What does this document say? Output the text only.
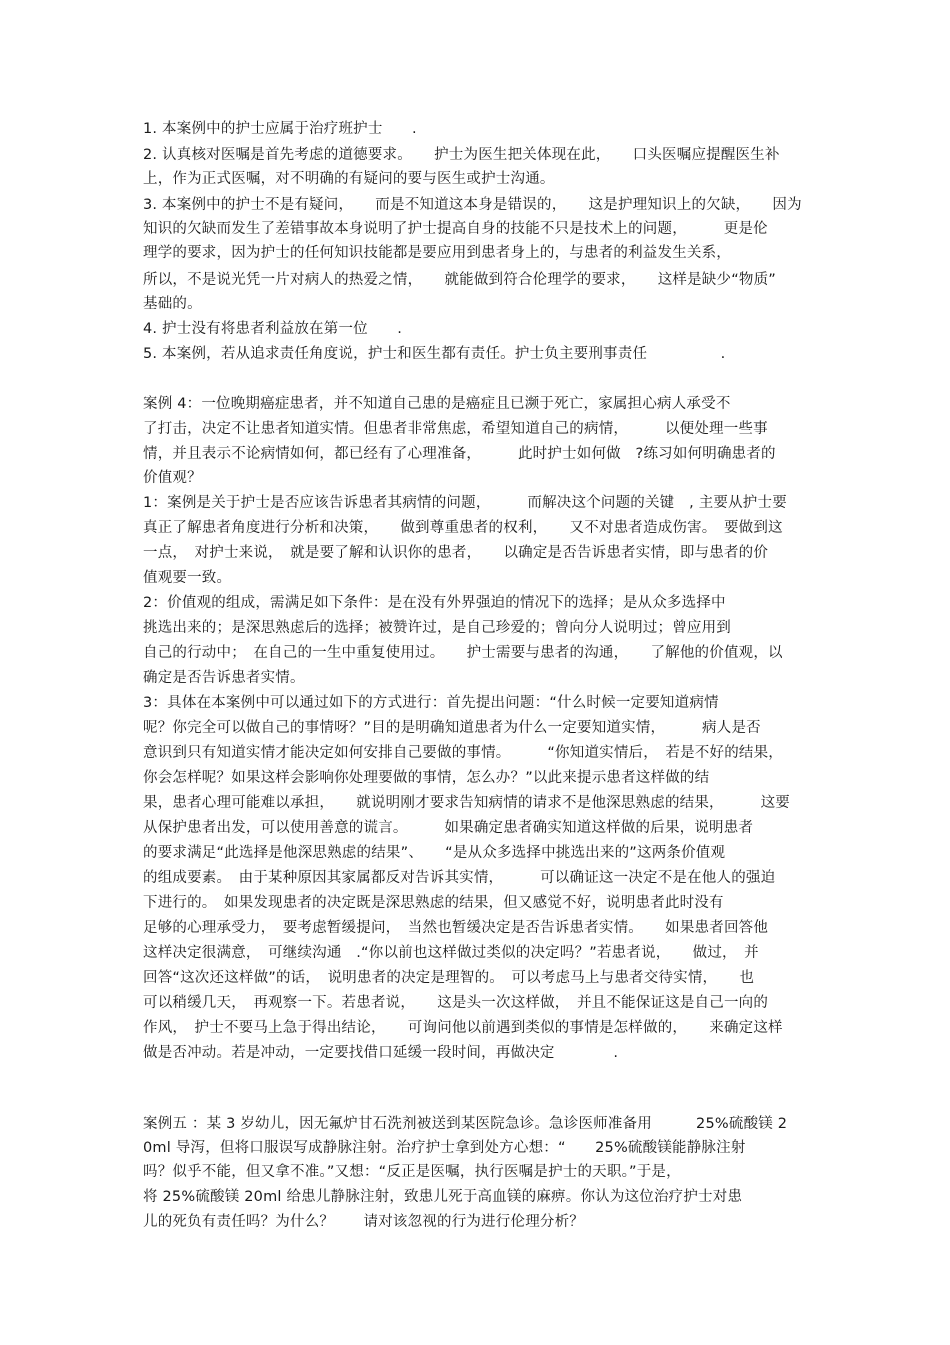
1. 本案例中的护士应属于治疗班护士　　.
2. 认真核对医嘱是首先考虑的道德要求。　　护士为医生把关体现在此，　　口头医嘱应提醒医生补
上，作为正式医嘱，对不明确的有疑问的要与医生或护士沟通。
3. 本案例中的护士不是有疑问，　　而是不知道这本身是错误的，　　这是护理知识上的欠缺，　　因为
知识的欠缺而发生了差错事故本身说明了护士提高自身的技能不只是技术上的问题，　　　更是伦
理学的要求，因为护士的任何知识技能都是要应用到患者身上的，与患者的利益发生关系，
所以，不是说光凭一片对病人的热爱之情，　　就能做到符合伦理学的要求，　　这样是缺少“物质”
基础的。
4. 护士没有将患者利益放在第一位　　.
5. 本案例，若从追求责任角度说，护士和医生都有责任。护士负主要刑事责任　　　　　.
案例 4：一位晚期癌症患者，并不知道自己患的是癌症且已濒于死亡，家属担心病人承受不
了打击，决定不让患者知道实情。但患者非常焦虑，希望知道自己的病情，　　　以便处理一些事
情，并且表示不论病情如何，都已经有了心理准备，　　　此时护士如何做　?练习如何明确患者的
价值观？
1：案例是关于护士是否应该告诉患者其病情的问题，　　　而解决这个问题的关键　, 主要从护士要
真正了解患者角度进行分析和决策，　　做到尊重患者的权利，　　又不对患者造成伤害。　要做到这
一点，　对护士来说，　就是要了解和认识你的患者，　　以确定是否告诉患者实情，即与患者的价
值观要一致。
2：价值观的组成，需满足如下条件：是在没有外界强迫的情况下的选择；是从众多选择中
挑选出来的；是深思熟虑后的选择；被赞许过，是自己珍爱的；曾向分人说明过；曾应用到
自己的行动中；　在自己的一生中重复使用过。　　护士需要与患者的沟通，　　了解他的价值观，以
确定是否告诉患者实情。
3：具体在本案例中可以通过如下的方式进行：首先提出问题：“什么时候一定要知道病情
呢？你完全可以做自己的事情呀？”目的是明确知道患者为什么一定要知道实情，　　　病人是否
意识到只有知道实情才能决定如何安排自己要做的事情。　　　“你知道实情后，　若是不好的结果，
你会怎样呢？如果这样会影响你处理要做的事情，怎么办？”以此来提示患者这样做的结
果，患者心理可能难以承担，　　就说明刚才要求告知病情的请求不是他深思熟虑的结果，　　　这要
从保护患者出发，可以使用善意的谎言。　　　如果确定患者确实知道这样做的后果，说明患者
的要求满足“此选择是他深思熟虑的结果”、　　“是从众多选择中挑选出来的”这两条价值观
的组成要素。　由于某种原因其家属都反对告诉其实情，　　　可以确证这一决定不是在他人的强迫
下进行的。　如果发现患者的决定既是深思熟虑的结果，但又感觉不好，说明患者此时没有
足够的心理承受力，　要考虑暂缓提问，　当然也暂缓决定是否告诉患者实情。　　如果患者回答他
这样决定很满意，　可继续沟通　.“你以前也这样做过类似的决定吗？”若患者说，　　做过，　并
回答“这次还这样做”的话，　说明患者的决定是理智的。　可以考虑马上与患者交待实情，　　也
可以稍缓几天，　再观察一下。若患者说，　　这是头一次这样做，　并且不能保证这是自己一向的
作风，　护士不要马上急于得出结论，　　可询问他以前遇到类似的事情是怎样做的，　　来确定这样
做是否冲动。若是冲动，一定要找借口延缓一段时间，再做决定　　　　.
案例五 ：某 3 岁幼儿，因无氟炉甘石洗剂被送到某医院急诊。急诊医师准备用　　　25%硫酸镁 2
0ml 导泻，但将口服误写成静脉注射。治疗护士拿到处方心想：“　　25%硫酸镁能静脉注射
吗？似乎不能，但又拿不准。”又想：“反正是医嘱，执行医嘱是护士的天职。”于是，
将 25%硫酸镁 20ml 给患儿静脉注射，致患儿死于高血镁的麻痹。你认为这位治疗护士对患
儿的死负有责任吗？为什么？　　请对该忽视的行为进行伦理分析？
